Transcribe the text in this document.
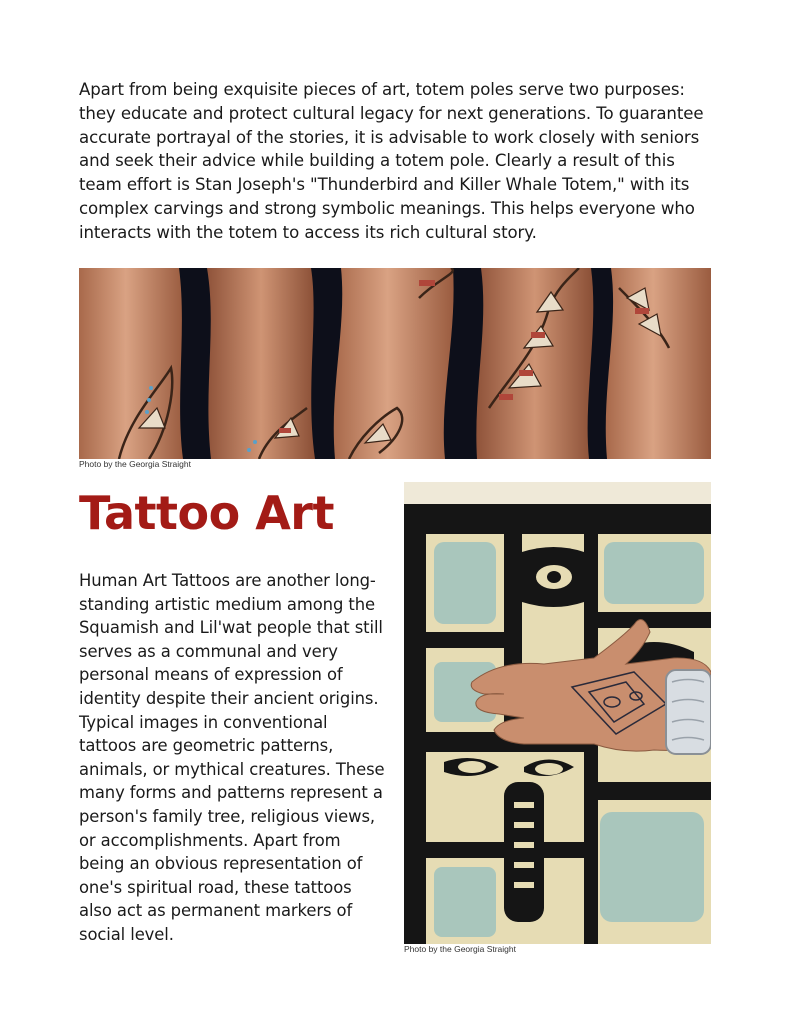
Apart from being exquisite pieces of art, totem poles serve two purposes: they educate and protect cultural legacy for next generations. To guarantee accurate portrayal of the stories, it is advisable to work closely with seniors and seek their advice while building a totem pole. Clearly a result of this team effort is Stan Joseph's "Thunderbird and Killer Whale Totem," with its complex carvings and strong symbolic meanings. This helps everyone who interacts with the totem to access its rich cultural story.

Photo by the Georgia Straight
Tattoo Art

Human Art Tattoos are another long-standing artistic medium among the Squamish and Lil'wat people that still serves as a communal and very personal means of expression of identity despite their ancient origins. Typical images in conventional tattoos are geometric patterns, animals, or mythical creatures. These many forms and patterns represent a person's family tree, religious views, or accomplishments. Apart from being an obvious representation of one's spiritual road, these tattoos also act as permanent markers of social level.

Photo by the Georgia Straight
